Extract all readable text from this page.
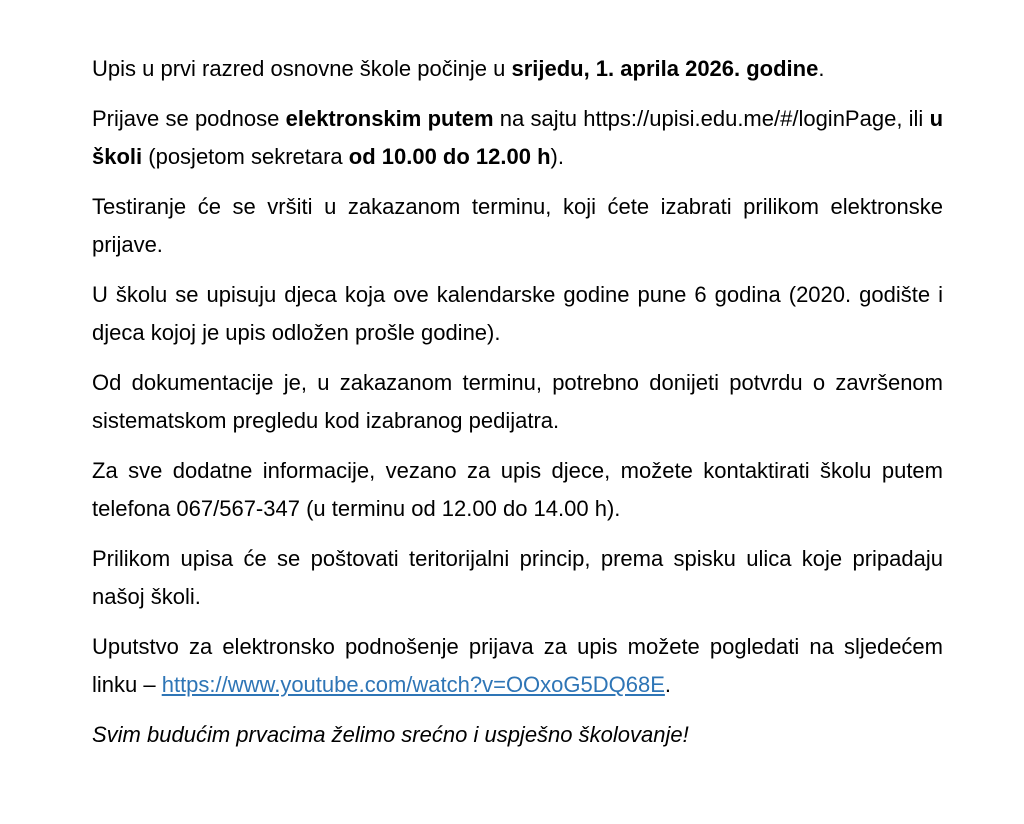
Upis u prvi razred osnovne škole počinje u srijedu, 1. aprila 2026. godine.

Prijave se podnose elektronskim putem na sajtu https://upisi.edu.me/#/loginPage, ili u školi (posjetom sekretara od 10.00 do 12.00 h).

Testiranje će se vršiti u zakazanom terminu, koji ćete izabrati prilikom elektronske prijave.

U školu se upisuju djeca koja ove kalendarske godine pune 6 godina (2020. godište i djeca kojoj je upis odložen prošle godine).

Od dokumentacije je, u zakazanom terminu, potrebno donijeti potvrdu o završenom sistematskom pregledu kod izabranog pedijatra.

Za sve dodatne informacije, vezano za upis djece, možete kontaktirati školu putem telefona 067/567-347 (u terminu od 12.00 do 14.00 h).

Prilikom upisa će se poštovati teritorijalni princip, prema spisku ulica koje pripadaju našoj školi.

Uputstvo za elektronsko podnošenje prijava za upis možete pogledati na sljedećem linku – https://www.youtube.com/watch?v=OOxoG5DQ68E.

Svim budućim prvacima želimo srećno i uspješno školovanje!
